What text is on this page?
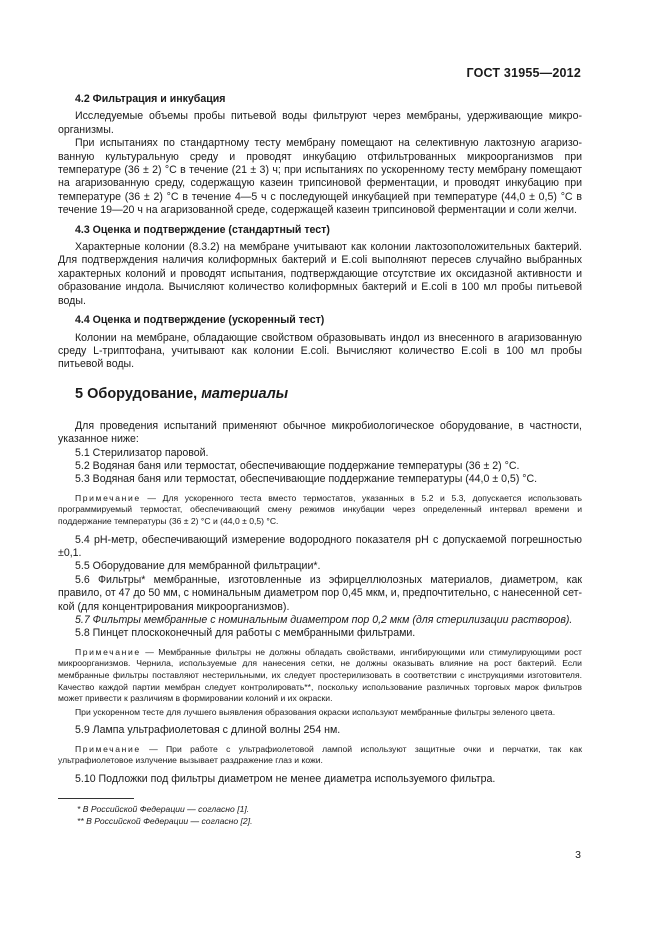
ГОСТ 31955—2012

4.2 Фильтрация и инкубация

Исследуемые объемы пробы питьевой воды фильтруют через мембраны, удерживающие микроорганизмы.

При испытаниях по стандартному тесту мембрану помещают на селективную лактозную агаризованную культуральную среду и проводят инкубацию отфильтрованных микроорганизмов при температуре (36 ± 2) °С в течение (21 ± 3) ч; при испытаниях по ускоренному тесту мембрану помещают на агаризованную среду, содержащую казеин трипсиновой ферментации, и проводят инкубацию при температуре (36 ± 2) °С в течение 4—5 ч с последующей инкубацией при температуре (44,0 ± 0,5) °С в течение 19—20 ч на агаризованной среде, содержащей казеин трипсиновой ферментации и соли желчи.

4.3 Оценка и подтверждение (стандартный тест)

Характерные колонии (8.3.2) на мембране учитывают как колонии лактозоположительных бактерий. Для подтверждения наличия колиформных бактерий и E.coli выполняют пересев случайно выбранных характерных колоний и проводят испытания, подтверждающие отсутствие их оксидазной активности и образование индола. Вычисляют количество колиформных бактерий и E.coli в 100 мл пробы питьевой воды.

4.4 Оценка и подтверждение (ускоренный тест)

Колонии на мембране, обладающие свойством образовывать индол из внесенного в агаризованную среду L-триптофана, учитывают как колонии E.coli. Вычисляют количество E.coli в 100 мл пробы питьевой воды.

5 Оборудование, материалы

Для проведения испытаний применяют обычное микробиологическое оборудование, в частности, указанное ниже:

5.1 Стерилизатор паровой.

5.2 Водяная баня или термостат, обеспечивающие поддержание температуры (36 ± 2) °С.

5.3 Водяная баня или термостат, обеспечивающие поддержание температуры (44,0 ± 0,5) °С.

Примечание — Для ускоренного теста вместо термостатов, указанных в 5.2 и 5.3, допускается использовать программируемый термостат, обеспечивающий смену режимов инкубации через определенный интервал времени и поддержание температуры (36 ± 2) °С и (44,0 ± 0,5) °С.

5.4 pH-метр, обеспечивающий измерение водородного показателя pH с допускаемой погрешностью ±0,1.

5.5 Оборудование для мембранной фильтрации*.

5.6 Фильтры* мембранные, изготовленные из эфирцеллюлозных материалов, диаметром, как правило, от 47 до 50 мм, с номинальным диаметром пор 0,45 мкм, и, предпочтительно, с нанесенной сеткой (для концентрирования микроорганизмов).

5.7 Фильтры мембранные с номинальным диаметром пор 0,2 мкм (для стерилизации растворов).

5.8 Пинцет плоскоконечный для работы с мембранными фильтрами.

Примечание — Мембранные фильтры не должны обладать свойствами, ингибирующими или стимулирующими рост микроорганизмов. Чернила, используемые для нанесения сетки, не должны оказывать влияние на рост бактерий. Если мембранные фильтры поставляют нестерильными, их следует простерилизовать в соответствии с инструкциями изготовителя. Качество каждой партии мембран следует контролировать**, поскольку использование различных торговых марок фильтров может привести к различиям в формировании колоний и их окраски.

При ускоренном тесте для лучшего выявления образования окраски используют мембранные фильтры зеленого цвета.

5.9 Лампа ультрафиолетовая с длиной волны 254 нм.

Примечание — При работе с ультрафиолетовой лампой используют защитные очки и перчатки, так как ультрафиолетовое излучение вызывает раздражение глаз и кожи.

5.10 Подложки под фильтры диаметром не менее диаметра используемого фильтра.

* В Российской Федерации — согласно [1].

** В Российской Федерации — согласно [2].

3
